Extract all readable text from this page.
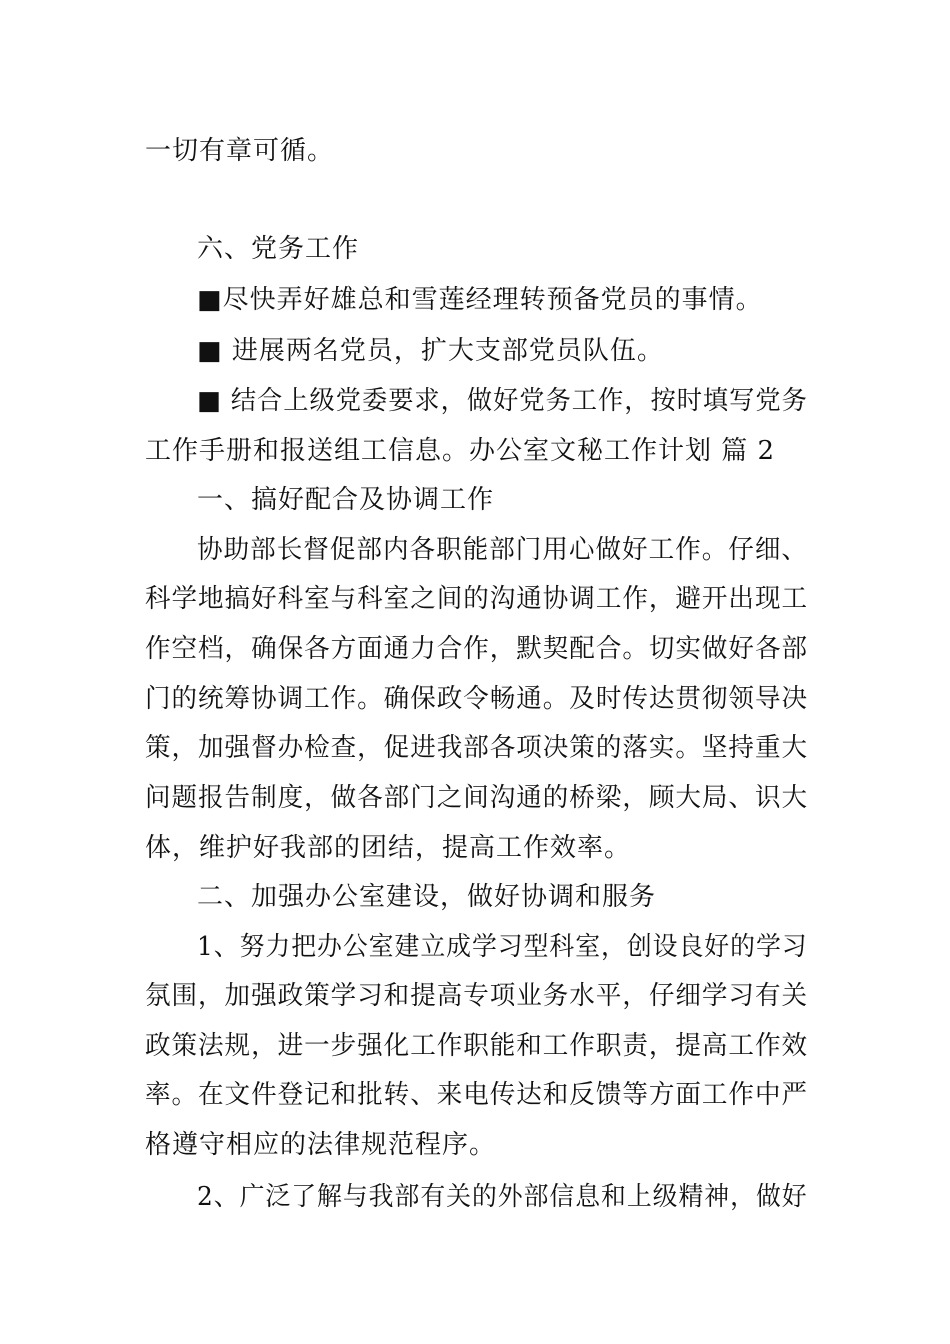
一切有章可循。
六、党务工作
■尽快弄好雄总和雪莲经理转预备党员的事情。
■ 进展两名党员，扩大支部党员队伍。
■ 结合上级党委要求，做好党务工作，按时填写党务
工作手册和报送组工信息。办公室文秘工作计划 篇 2
一、搞好配合及协调工作
协助部长督促部内各职能部门用心做好工作。仔细、
科学地搞好科室与科室之间的沟通协调工作，避开出现工
作空档，确保各方面通力合作，默契配合。切实做好各部
门的统筹协调工作。确保政令畅通。及时传达贯彻领导决
策，加强督办检查，促进我部各项决策的落实。坚持重大
问题报告制度，做各部门之间沟通的桥梁，顾大局、识大
体，维护好我部的团结，提高工作效率。
二、加强办公室建设，做好协调和服务
1、努力把办公室建立成学习型科室，创设良好的学习
氛围，加强政策学习和提高专项业务水平，仔细学习有关
政策法规，进一步强化工作职能和工作职责，提高工作效
率。在文件登记和批转、来电传达和反馈等方面工作中严
格遵守相应的法律规范程序。
2、广泛了解与我部有关的外部信息和上级精神，做好
